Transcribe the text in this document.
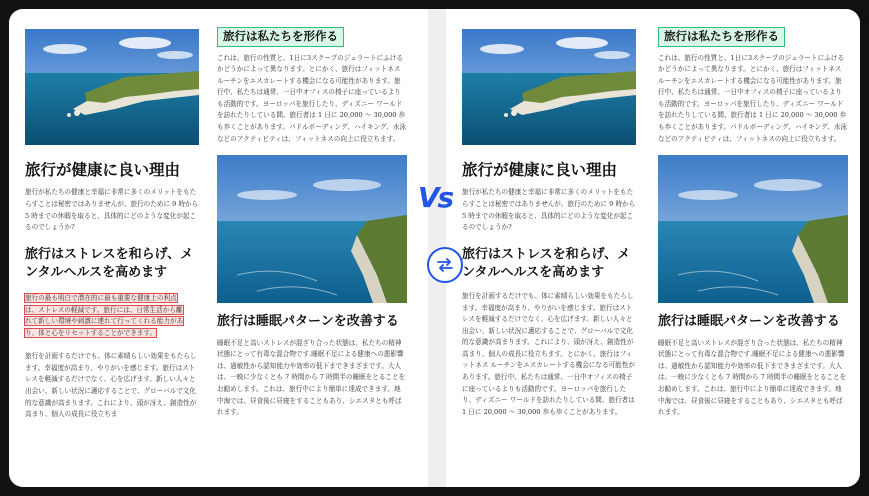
旅行が健康に良い理由
旅行が私たちの健康と幸福に非常に多くのメリットをもたらすことは秘密ではありませんが、旅行のために 9 時から 5 時までの休暇を取ると、具体的にどのような変化が起こるのでしょうか?
旅行はストレスを和らげ、メンタルヘルスを高めます
旅行の最も明白で潜在的に最も重要な健康上の利点
は、ストレスの軽減です。旅行には、日常生活から離
れて新しい環境や刺激に連れて行ってくれる能力があ
り、体と心をリセットすることができます。
旅行を計画するだけでも、体に素晴らしい効果をもたらします。幸福度が高まり、やりがいを感じます。旅行はストレスを軽減するだけでなく、心を広げます。新しい人々と出会い、新しい状況に適応することで、グローバルで文化的な意識が高まります。これにより、頭が冴え、創造性が高まり、個人の成長に役立ちま
旅行は私たちを形作る
これは、旅行の性質と、1日に3スクープのジェラートにふけるかどうかによって異なります。とにかく、旅行はフィットネス ルーチンをエスカレートする機会になる可能性があります。旅行中、私たちは通常、一日中オフィスの椅子に座っているよりも活動的です。ヨーロッパを旅行したり、ディズニー ワールドを訪れたりしている間、旅行者は 1 日に 20,000 ～ 30,000 歩も歩くことがあります。パドルボーディング、ハイキング、水泳などのアクティビティは、フィットネスの向上に役立ちます。
旅行は睡眠パターンを改善する
睡眠不足と高いストレスが混ざり合った状態は、私たちの精神状態にとって有毒な混合物です.睡眠不足による健康への悪影響は、過敏性から認知能力や効率の低下まできまざまです。大人は、一晩に少なくとも 7 時間から 7 時間半の睡眠をとることをお勧めします。これは、旅行中により簡単に達成できます。地中海では、昼食後に昼寝をすることもあり、シエスタとも呼ばれます。
旅行が健康に良い理由
旅行が私たちの健康と幸福に非常に多くのメリットをもたらすことは秘密ではありませんが、旅行のために 9 時から 5 時までの休暇を取ると、具体的にどのような変化が起こるのでしょうか?
旅行はストレスを和らげ、メンタルヘルスを高めます
旅行を計画するだけでも、体に素晴らしい効果をもたらします。幸福度が高まり、やりがいを感じます。旅行はストレスを軽減するだけでなく、心を広げます。新しい人々と出会い、新しい状況に適応することで、グローバルで文化的な意識が高まります。これにより、頭が冴え、創造性が高まり、個人の成長に役立ちます。とにかく、旅行はフィットネス ルーチンをエスカレートする機会になる可能性があります。旅行中、私たちは通常、一日中オフィスの椅子に座っているよりも活動的です。ヨーロッパを旅行したり、ディズニー ワールドを訪れたりしている間、旅行者は 1 日に 20,000 ～ 30,000 歩も歩くことがあります。
旅行は私たちを形作る
これは、旅行の性質と、1日に3スクープのジェラートにふけるかどうかによって異なります。とにかく、旅行はフィットネス ルーチンをエスカレートする機会になる可能性があります。旅行中、私たちは通常、一日中オフィスの椅子に座っているよりも活動的です。ヨーロッパを旅行したり、ディズニー ワールドを訪れたりしている間、旅行者は 1 日に 20,000 ～ 30,000 歩も歩くことがあります。パドルボーディング、ハイキング、水泳などのアクティビティは、フィットネスの向上に役立ちます。
旅行は睡眠パターンを改善する
睡眠不足と高いストレスが混ざり合った状態は、私たちの精神状態にとって有毒な混合物です.睡眠不足による健康への悪影響は、過敏性から認知能力や効率の低下まできまざまです。大人は、一晩に少なくとも 7 時間から 7 時間半の睡眠をとることをお勧めします。これは、旅行中により簡単に達成できます。地中海では、昼食後に昼寝をすることもあり、シエスタとも呼ばれます。
Vs
